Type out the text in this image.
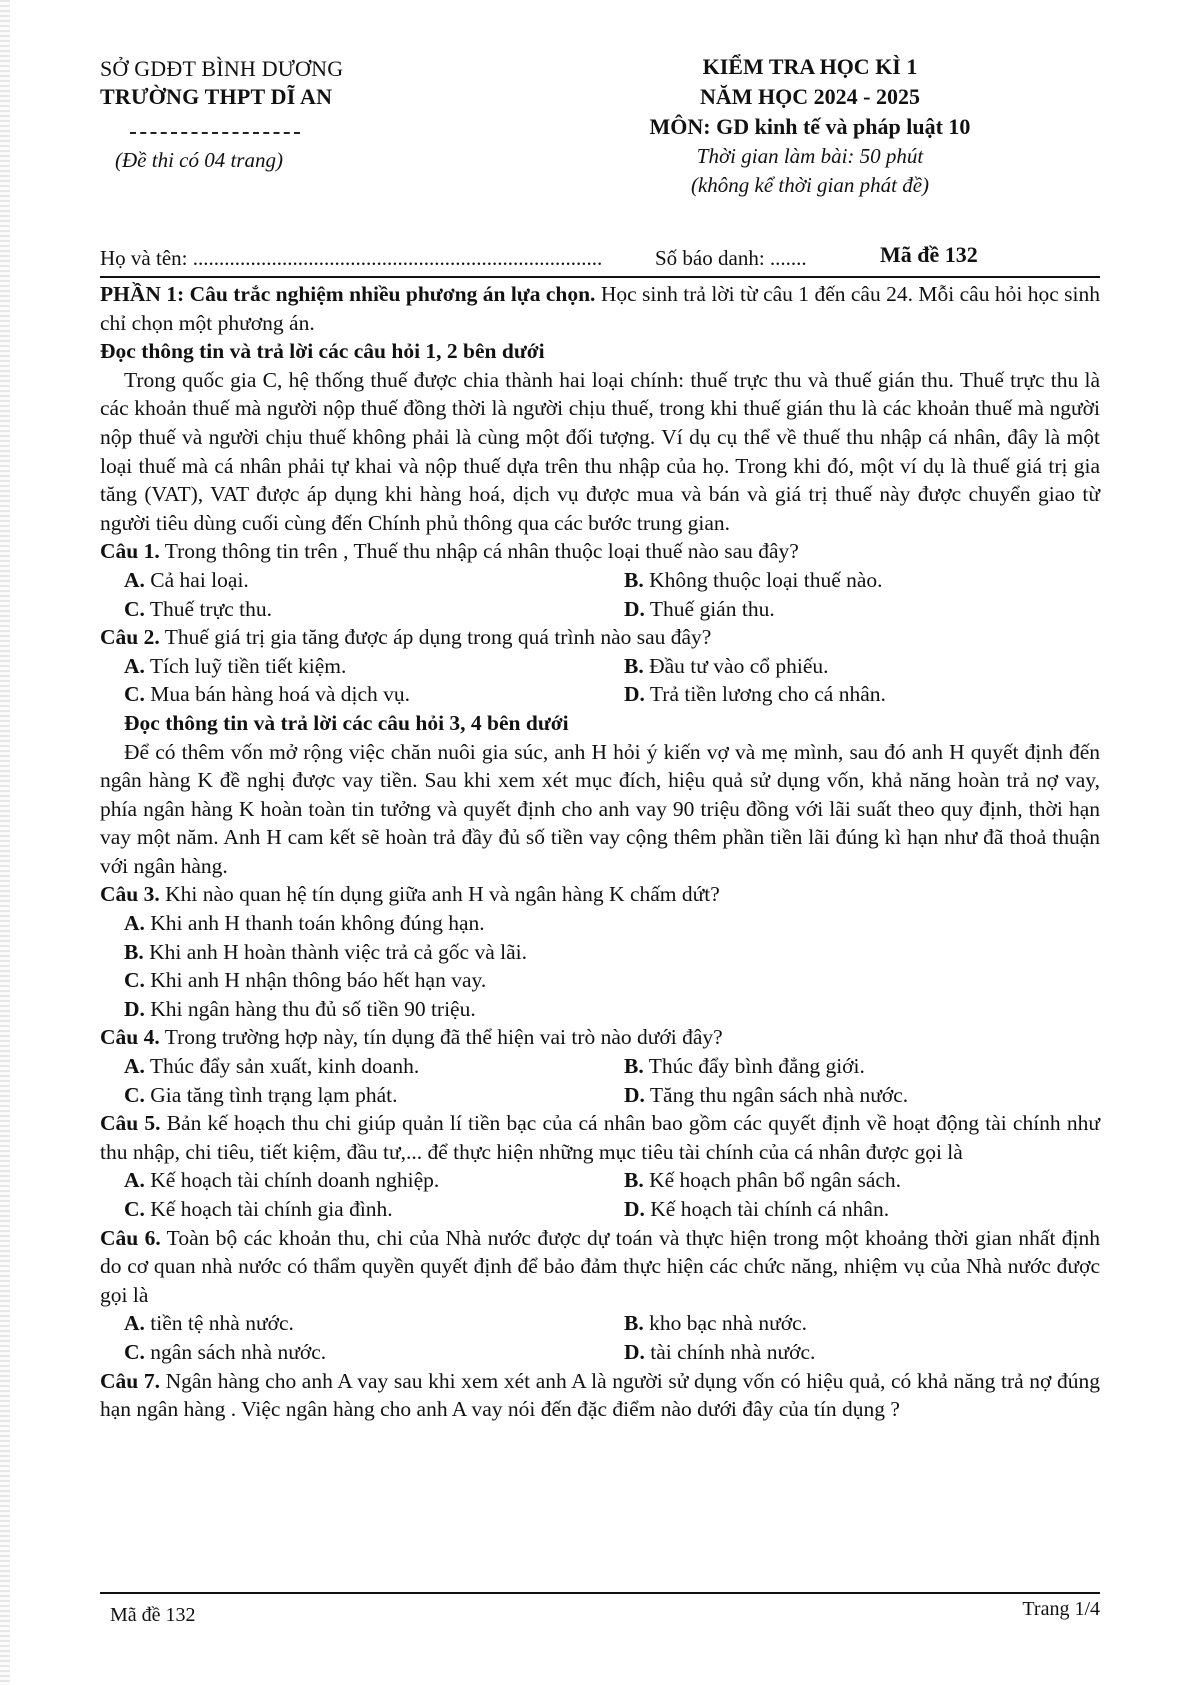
SỞ GDĐT BÌNH DƯƠNG
TRƯỜNG THPT DĨ AN
(Đề thi có 04 trang)
KIỂM TRA HỌC KÌ 1
NĂM HỌC 2024 - 2025
MÔN: GD kinh tế và pháp luật 10
Thời gian làm bài: 50 phút
(không kể thời gian phát đề)
Họ và tên: ..............................................................................	Số báo danh: .......	Mã đề 132

PHẦN 1: Câu trắc nghiệm nhiều phương án lựa chọn. Học sinh trả lời từ câu 1 đến câu 24. Mỗi câu hỏi học sinh chỉ chọn một phương án.

Đọc thông tin và trả lời các câu hỏi 1, 2 bên dưới

Trong quốc gia C, hệ thống thuế được chia thành hai loại chính: thuế trực thu và thuế gián thu. Thuế trực thu là các khoản thuế mà người nộp thuế đồng thời là người chịu thuế, trong khi thuế gián thu là các khoản thuế mà người nộp thuế và người chịu thuế không phải là cùng một đối tượng. Ví dụ cụ thể về thuế thu nhập cá nhân, đây là một loại thuế mà cá nhân phải tự khai và nộp thuế dựa trên thu nhập của họ. Trong khi đó, một ví dụ là thuế giá trị gia tăng (VAT), VAT được áp dụng khi hàng hoá, dịch vụ được mua và bán và giá trị thuế này được chuyển giao từ người tiêu dùng cuối cùng đến Chính phủ thông qua các bước trung gian.

Câu 1. Trong thông tin trên , Thuế thu nhập cá nhân thuộc loại thuế nào sau đây?

A. Cả hai loại.	B. Không thuộc loại thuế nào.
C. Thuế trực thu.	D. Thuế gián thu.

Câu 2. Thuế giá trị gia tăng được áp dụng trong quá trình nào sau đây?

A. Tích luỹ tiền tiết kiệm.	B. Đầu tư vào cổ phiếu.
C. Mua bán hàng hoá và dịch vụ.	D. Trả tiền lương cho cá nhân.

Đọc thông tin và trả lời các câu hỏi 3, 4 bên dưới

Để có thêm vốn mở rộng việc chăn nuôi gia súc, anh H hỏi ý kiến vợ và mẹ mình, sau đó anh H quyết định đến ngân hàng K đề nghị được vay tiền. Sau khi xem xét mục đích, hiệu quả sử dụng vốn, khả năng hoàn trả nợ vay, phía ngân hàng K hoàn toàn tin tưởng và quyết định cho anh vay 90 triệu đồng với lãi suất theo quy định, thời hạn vay một năm. Anh H cam kết sẽ hoàn trả đầy đủ số tiền vay cộng thêm phần tiền lãi đúng kì hạn như đã thoả thuận với ngân hàng.

Câu 3. Khi nào quan hệ tín dụng giữa anh H và ngân hàng K chấm dứt?

A. Khi anh H thanh toán không đúng hạn.
B. Khi anh H hoàn thành việc trả cả gốc và lãi.
C. Khi anh H nhận thông báo hết hạn vay.
D. Khi ngân hàng thu đủ số tiền 90 triệu.

Câu 4. Trong trường hợp này, tín dụng đã thể hiện vai trò nào dưới đây?

A. Thúc đẩy sản xuất, kinh doanh.	B. Thúc đẩy bình đẳng giới.
C. Gia tăng tình trạng lạm phát.	D. Tăng thu ngân sách nhà nước.

Câu 5. Bản kế hoạch thu chi giúp quản lí tiền bạc của cá nhân bao gồm các quyết định về hoạt động tài chính như thu nhập, chi tiêu, tiết kiệm, đầu tư,... để thực hiện những mục tiêu tài chính của cá nhân được gọi là

A. Kế hoạch tài chính doanh nghiệp.	B. Kế hoạch phân bổ ngân sách.
C. Kế hoạch tài chính gia đình.	D. Kế hoạch tài chính cá nhân.

Câu 6. Toàn bộ các khoản thu, chi của Nhà nước được dự toán và thực hiện trong một khoảng thời gian nhất định do cơ quan nhà nước có thẩm quyền quyết định để bảo đảm thực hiện các chức năng, nhiệm vụ của Nhà nước được gọi là

A. tiền tệ nhà nước.	B. kho bạc nhà nước.
C. ngân sách nhà nước.	D. tài chính nhà nước.

Câu 7. Ngân hàng cho anh A vay sau khi xem xét anh A là người sử dụng vốn có hiệu quả, có khả năng trả nợ đúng hạn ngân hàng . Việc ngân hàng cho anh A vay nói đến đặc điểm nào dưới đây của tín dụng ?

Mã đề 132	Trang 1/4
